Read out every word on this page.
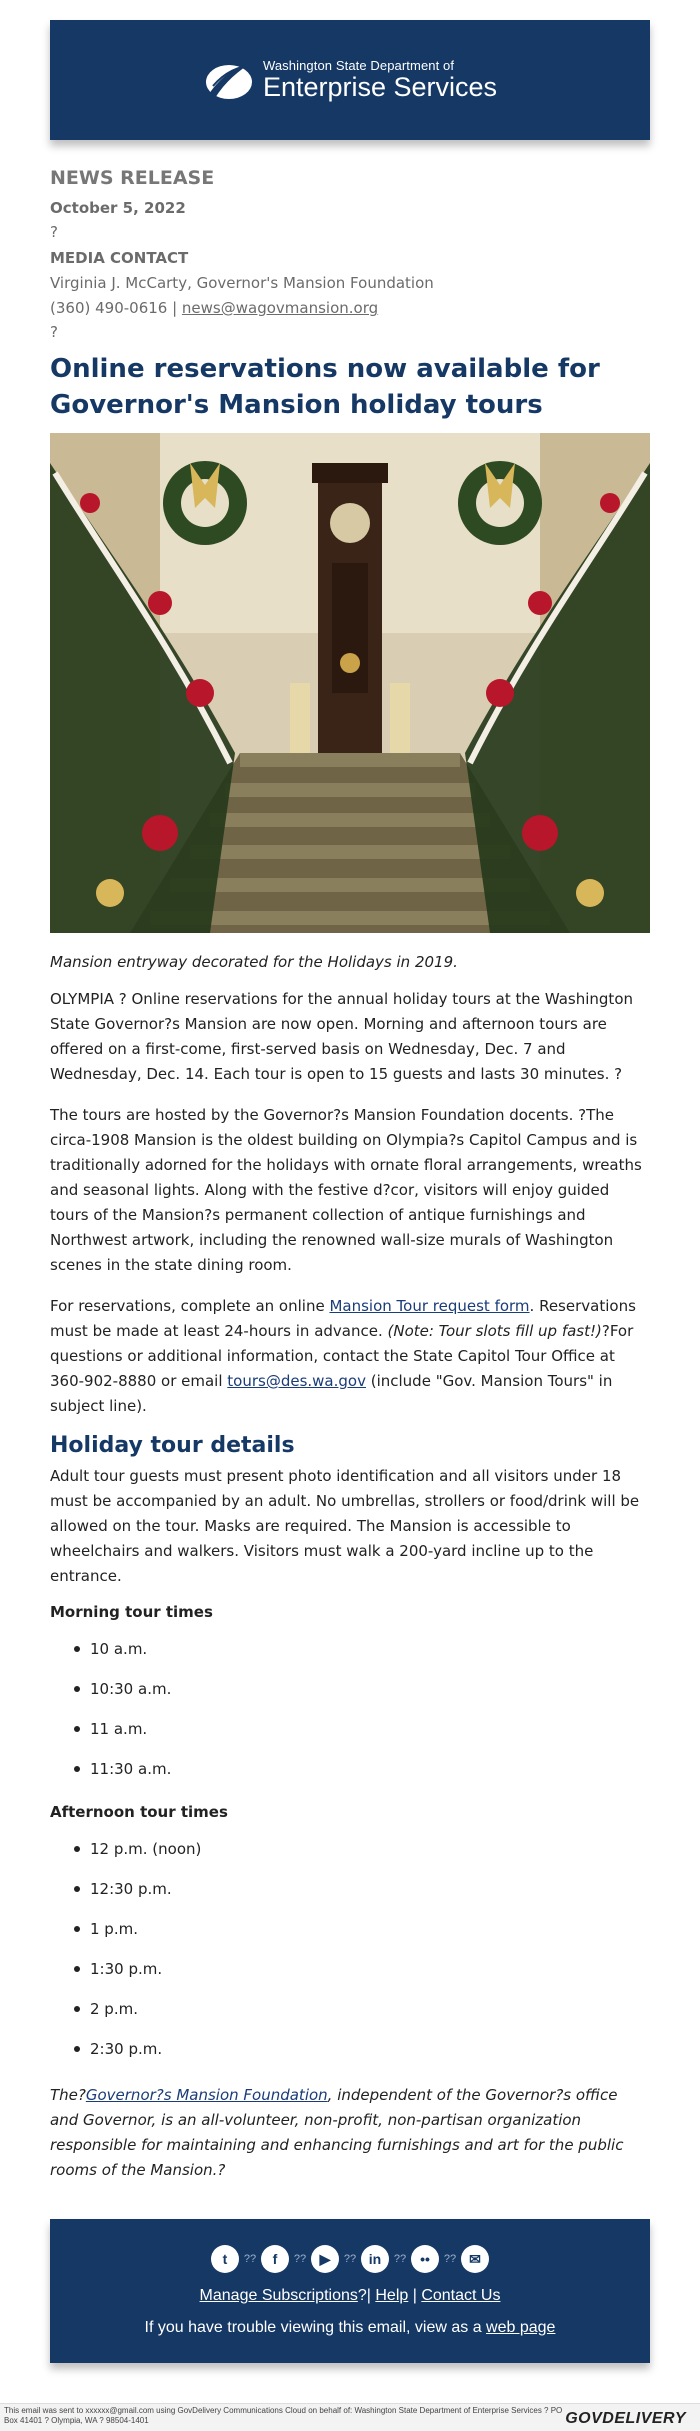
Washington State Department of
Enterprise Services
NEWS RELEASE
October 5, 2022
?
MEDIA CONTACT
Virginia J. McCarty, Governor's Mansion Foundation
(360) 490-0616 | news@wagovmansion.org
?
Online reservations now available for Governor's Mansion holiday tours
Mansion entryway decorated for the Holidays in 2019.

OLYMPIA ? Online reservations for the annual holiday tours at the Washington State Governor?s Mansion are now open. Morning and afternoon tours are offered on a first-come, first-served basis on Wednesday, Dec. 7 and Wednesday, Dec. 14. Each tour is open to 15 guests and lasts 30 minutes. ?

The tours are hosted by the Governor?s Mansion Foundation docents. ?The circa-1908 Mansion is the oldest building on Olympia?s Capitol Campus and is traditionally adorned for the holidays with ornate floral arrangements, wreaths and seasonal lights. Along with the festive d?cor, visitors will enjoy guided tours of the Mansion?s permanent collection of antique furnishings and Northwest artwork, including the renowned wall-size murals of Washington scenes in the state dining room.

For reservations, complete an online Mansion Tour request form. Reservations must be made at least 24-hours in advance. (Note: Tour slots fill up fast!)?For questions or additional information, contact the State Capitol Tour Office at 360-902-8880 or email tours@des.wa.gov (include "Gov. Mansion Tours" in subject line).

Holiday tour details

Adult tour guests must present photo identification and all visitors under 18 must be accompanied by an adult. No umbrellas, strollers or food/drink will be allowed on the tour. Masks are required. The Mansion is accessible to wheelchairs and walkers. Visitors must walk a 200-yard incline up to the entrance.

Morning tour times
10 a.m.
10:30 a.m.
11 a.m.
11:30 a.m.
Afternoon tour times
12 p.m. (noon)
12:30 p.m.
1 p.m.
1:30 p.m.
2 p.m.
2:30 p.m.
The?Governor?s Mansion Foundation, independent of the Governor?s office and Governor, is an all-volunteer, non-profit, non-partisan organization responsible for maintaining and enhancing furnishings and art for the public rooms of the Mansion.?
t	??	f	?? ▶	?? in	?? ••	?? ✉
Manage Subscriptions?| Help | Contact Us
If you have trouble viewing this email, view as a web page
This email was sent to xxxxxx@gmail.com using GovDelivery Communications Cloud on behalf of: Washington State Department of Enterprise Services ? PO Box 41401 ? Olympia, WA ? 98504-1401	GOVDELIVERY
